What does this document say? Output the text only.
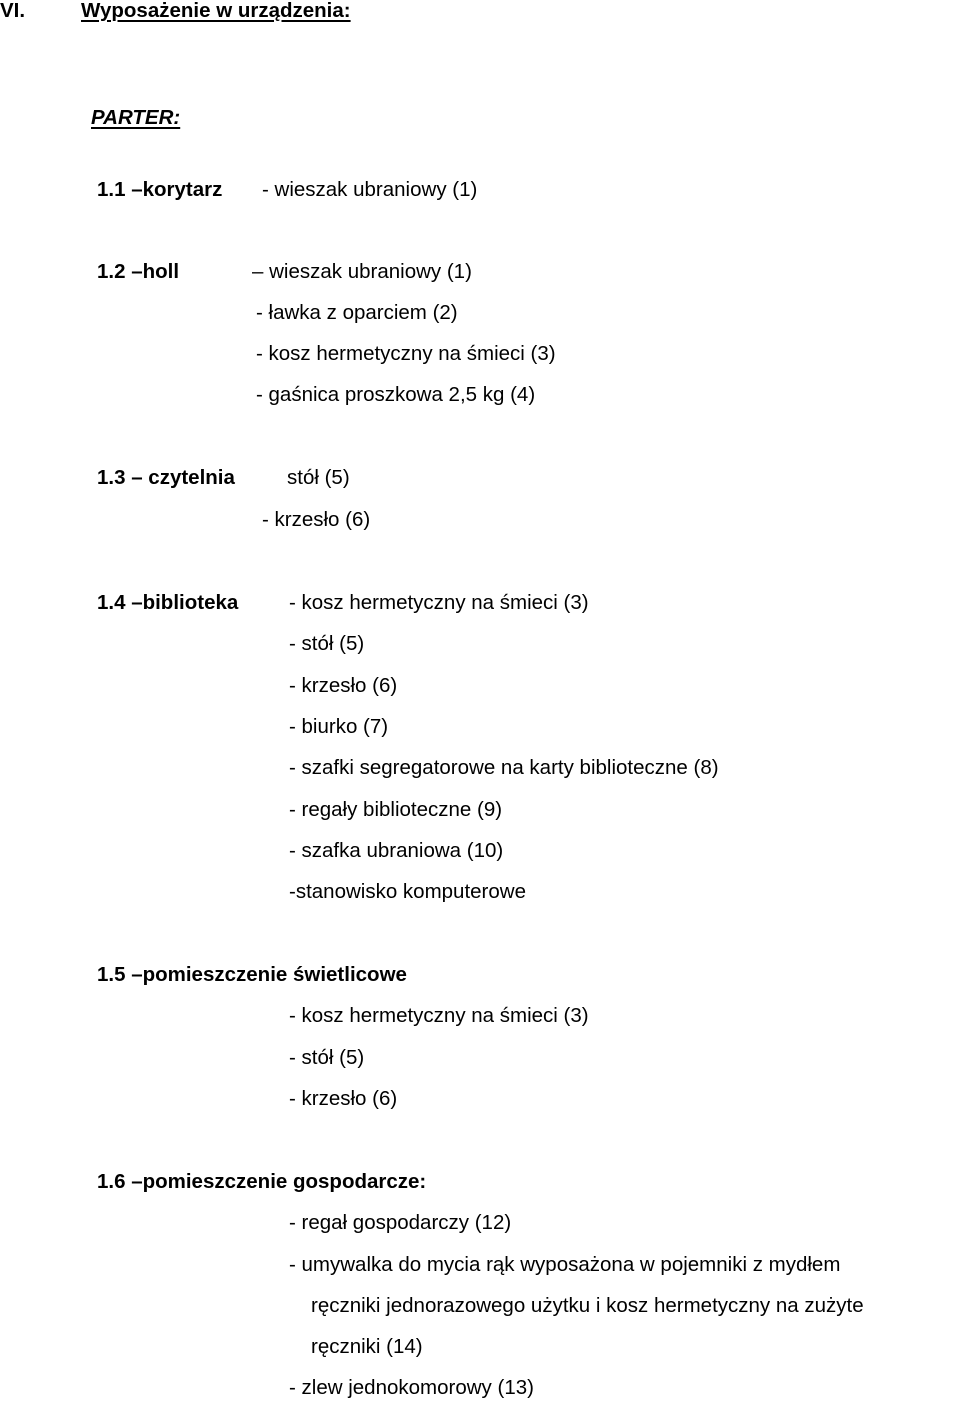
VI.	Wyposażenie w urządzenia:
PARTER:
1.1 –korytarz - wieszak ubraniowy (1)
1.2 –holl	– wieszak ubraniowy (1)
- ławka z oparciem (2)
- kosz hermetyczny na śmieci (3)
- gaśnica proszkowa 2,5 kg (4)
1.3 – czytelnia	stół (5)
- krzesło (6)
1.4 –biblioteka - kosz hermetyczny na śmieci (3)
- stół (5)
- krzesło (6)
- biurko (7)
- szafki segregatorowe na karty biblioteczne (8)
- regały biblioteczne (9)
- szafka ubraniowa (10)
-stanowisko komputerowe
1.5 –pomieszczenie świetlicowe
- kosz hermetyczny na śmieci (3)
- stół (5)
- krzesło (6)
1.6 –pomieszczenie gospodarcze:
- regał gospodarczy (12)
- umywalka do mycia rąk wyposażona w pojemniki z mydłem
ręczniki jednorazowego użytku i kosz hermetyczny na zużyte
ręczniki (14)
- zlew jednokomorowy (13)
